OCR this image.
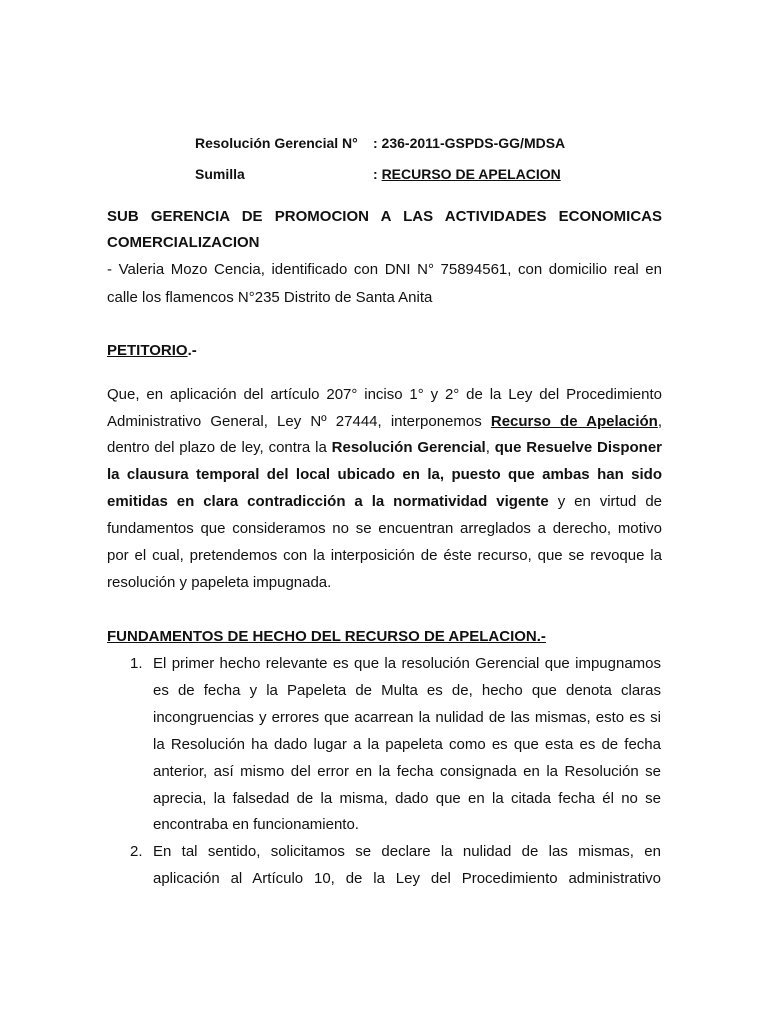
Resolución Gerencial N° : 236-2011-GSPDS-GG/MDSA
Sumilla	: RECURSO DE APELACION
SUB GERENCIA DE PROMOCION A LAS ACTIVIDADES ECONOMICAS
COMERCIALIZACION
- Valeria Mozo Cencia, identificado con DNI N° 75894561, con domicilio real en
calle los flamencos N°235 Distrito de Santa Anita
PETITORIO.-
Que, en aplicación del artículo 207° inciso 1° y 2° de la Ley del Procedimiento
Administrativo General, Ley Nº 27444, interponemos Recurso de Apelación,
dentro del plazo de ley, contra la Resolución Gerencial, que Resuelve Disponer
la clausura temporal del local ubicado en la, puesto que ambas han sido
emitidas en clara contradicción a la normatividad vigente y en virtud de
fundamentos que consideramos no se encuentran arreglados a derecho, motivo
por el cual, pretendemos con la interposición de éste recurso, que se revoque la
resolución y papeleta impugnada.
FUNDAMENTOS DE HECHO DEL RECURSO DE APELACION.-
1. El primer hecho relevante es que la resolución Gerencial que impugnamos
es de fecha y la Papeleta de Multa es de, hecho que denota claras
incongruencias y errores que acarrean la nulidad de las mismas, esto es si
la Resolución ha dado lugar a la papeleta como es que esta es de fecha
anterior, así mismo del error en la fecha consignada en la Resolución se
aprecia, la falsedad de la misma, dado que en la citada fecha él no se
encontraba en funcionamiento.
2. En tal sentido, solicitamos se declare la nulidad de las mismas, en
aplicación al Artículo 10, de la Ley del Procedimiento administrativo
